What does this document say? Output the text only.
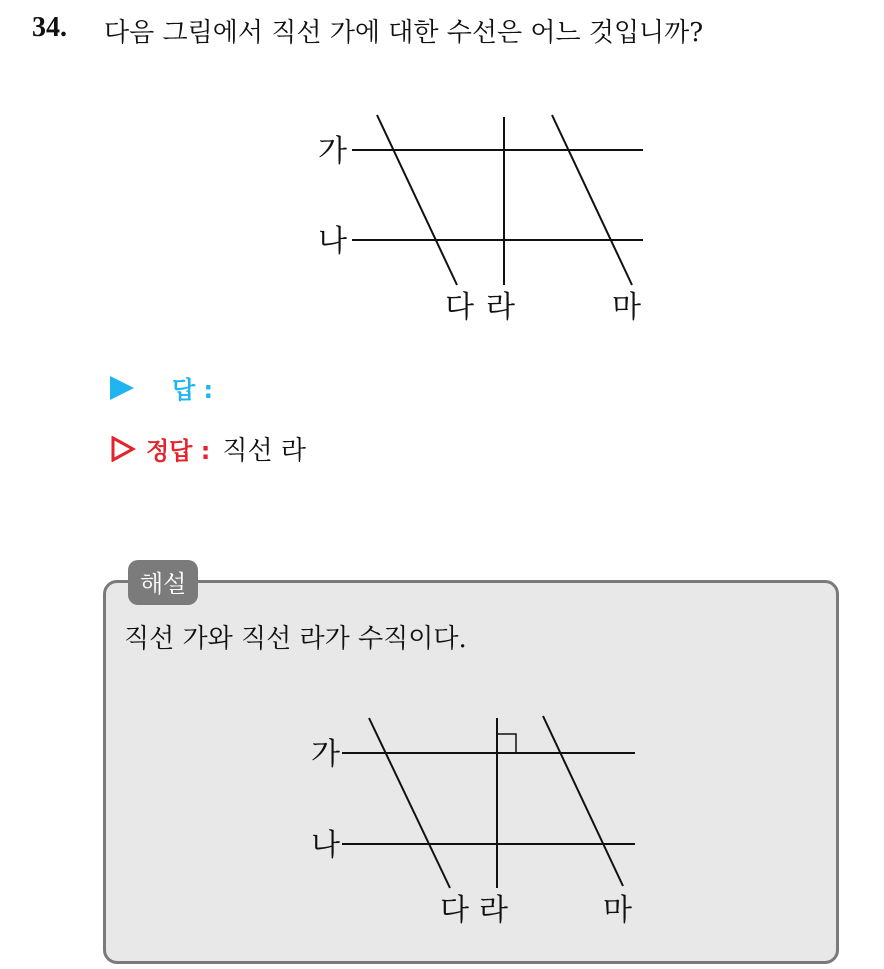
34. 다음 그림에서 직선 가에 대한 수선은 어느 것입니까?
가
나
다 라	마
답 :
정답 : 직선 라
해설
직선 가와 직선 라가 수직이다.
가
나
다 라	마
